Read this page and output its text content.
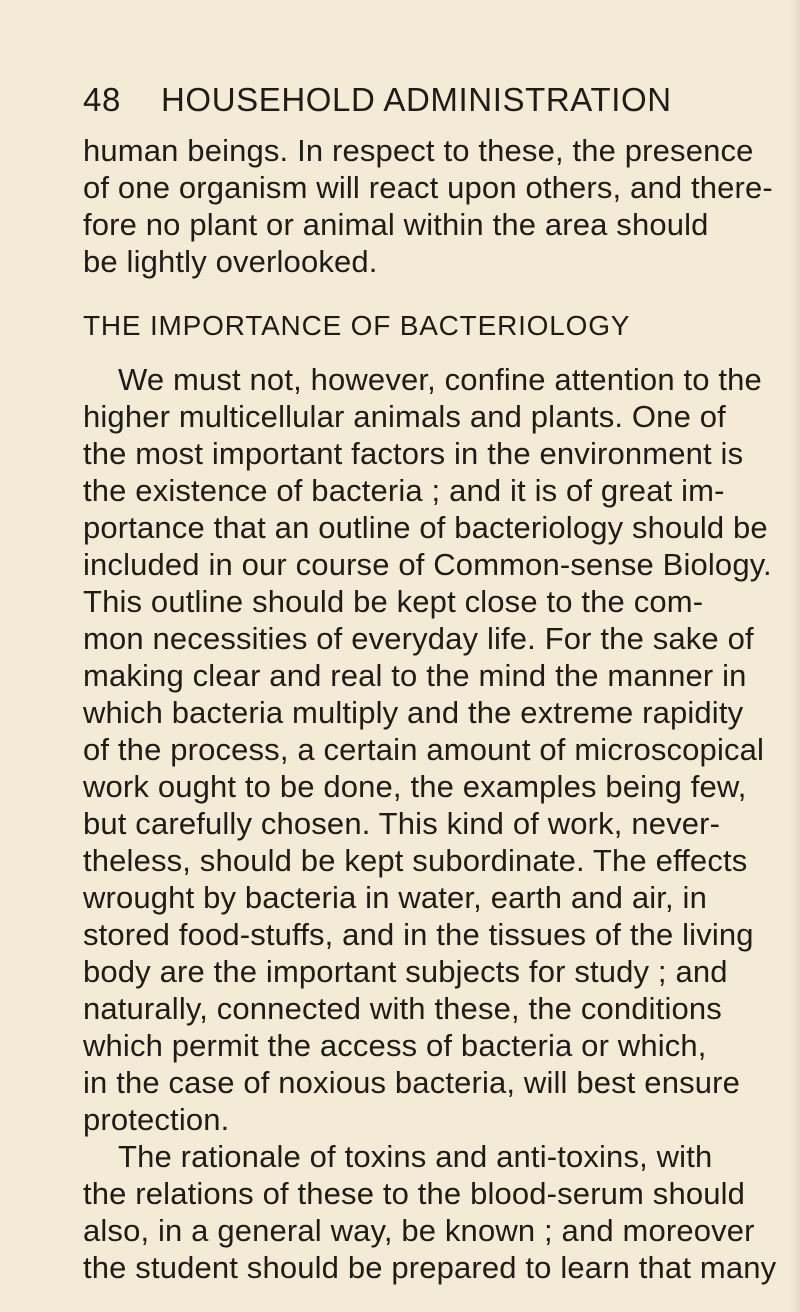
48 HOUSEHOLD ADMINISTRATION
human beings. In respect to these, the presence
of one organism will react upon others, and there-
fore no plant or animal within the area should
be lightly overlooked.
THE IMPORTANCE OF BACTERIOLOGY
We must not, however, confine attention to the
higher multicellular animals and plants. One of
the most important factors in the environment is
the existence of bacteria ; and it is of great im-
portance that an outline of bacteriology should be
included in our course of Common-sense Biology.
This outline should be kept close to the com-
mon necessities of everyday life. For the sake of
making clear and real to the mind the manner in
which bacteria multiply and the extreme rapidity
of the process, a certain amount of microscopical
work ought to be done, the examples being few,
but carefully chosen. This kind of work, never-
theless, should be kept subordinate. The effects
wrought by bacteria in water, earth and air, in
stored food-stuffs, and in the tissues of the living
body are the important subjects for study ; and
naturally, connected with these, the conditions
which permit the access of bacteria or which,
in the case of noxious bacteria, will best ensure
protection.
The rationale of toxins and anti-toxins, with
the relations of these to the blood-serum should
also, in a general way, be known ; and moreover
the student should be prepared to learn that many
